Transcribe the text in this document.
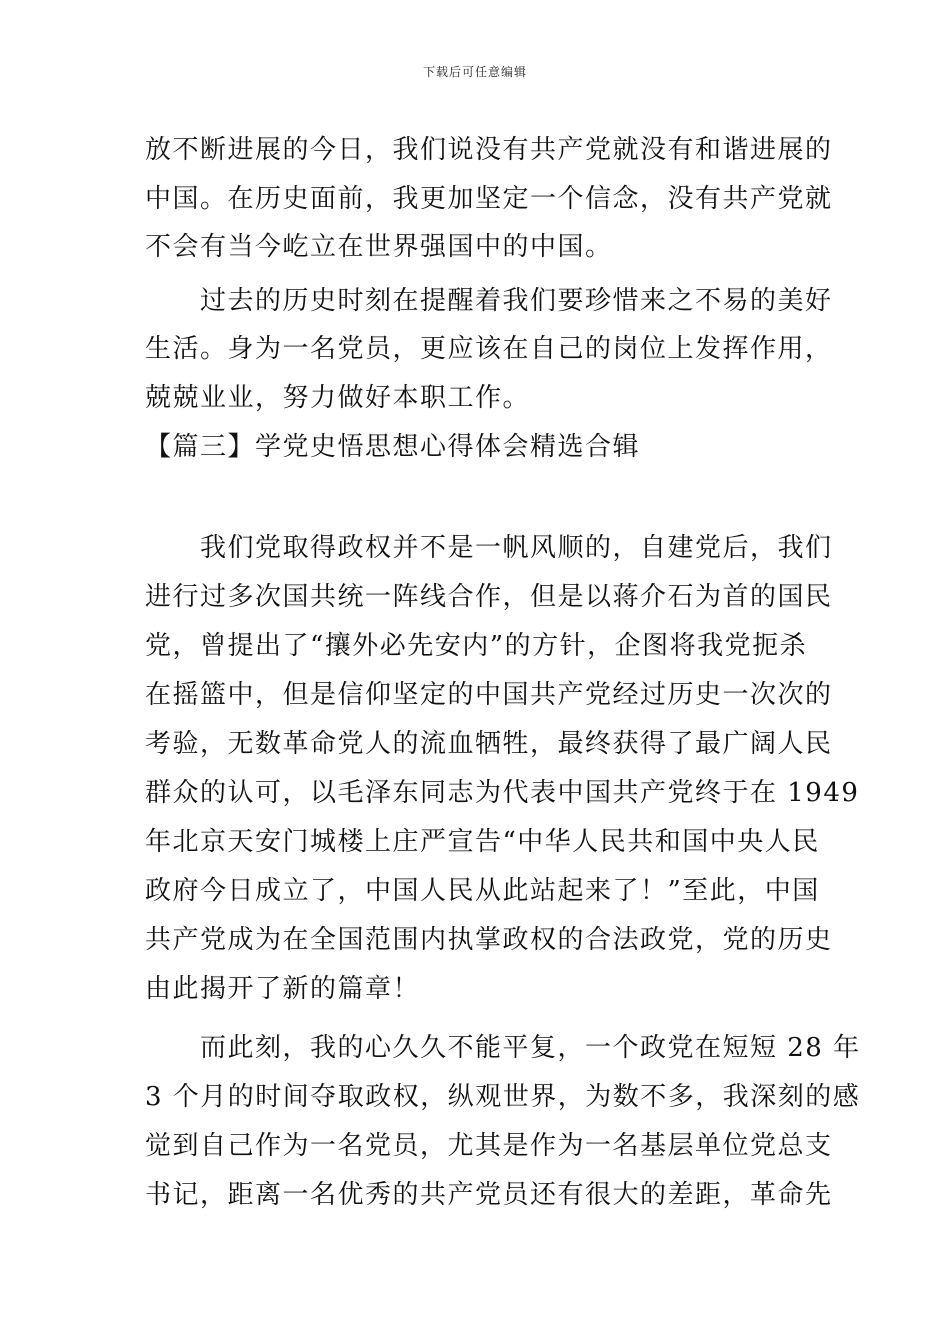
下载后可任意编辑
放不断进展的今日，我们说没有共产党就没有和谐进展的
中国。在历史面前，我更加坚定一个信念，没有共产党就
不会有当今屹立在世界强国中的中国。
　　过去的历史时刻在提醒着我们要珍惜来之不易的美好
生活。身为一名党员，更应该在自己的岗位上发挥作用，
兢兢业业，努力做好本职工作。
【篇三】学党史悟思想心得体会精选合辑
　　我们党取得政权并不是一帆风顺的，自建党后，我们
进行过多次国共统一阵线合作，但是以蒋介石为首的国民
党，曾提出了“攘外必先安内”的方针，企图将我党扼杀
在摇篮中，但是信仰坚定的中国共产党经过历史一次次的
考验，无数革命党人的流血牺牲，最终获得了最广阔人民
群众的认可，以毛泽东同志为代表中国共产党终于在 1949
年北京天安门城楼上庄严宣告“中华人民共和国中央人民
政府今日成立了，中国人民从此站起来了！”至此，中国
共产党成为在全国范围内执掌政权的合法政党，党的历史
由此揭开了新的篇章！
　　而此刻，我的心久久不能平复，一个政党在短短 28 年
3 个月的时间夺取政权，纵观世界，为数不多，我深刻的感
觉到自己作为一名党员，尤其是作为一名基层单位党总支
书记，距离一名优秀的共产党员还有很大的差距，革命先
